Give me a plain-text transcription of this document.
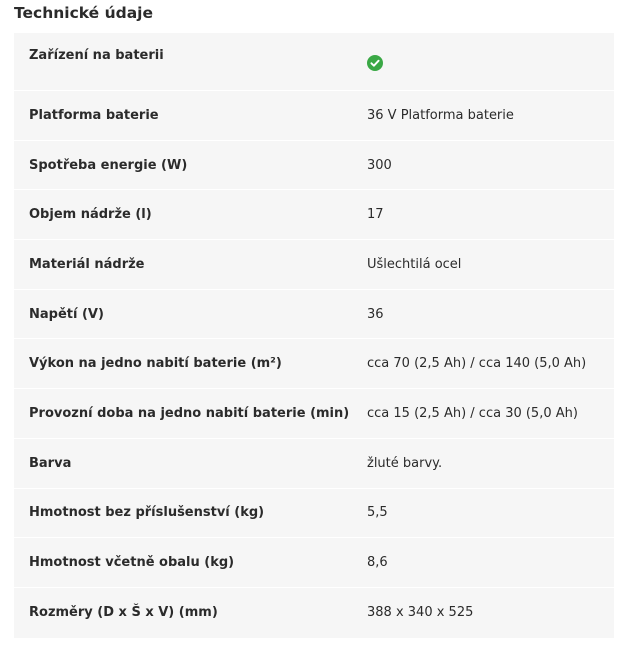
Technické údaje
Zařízení na baterii
Platforma baterie	36 V Platforma baterie
Spotřeba energie (W)	300
Objem nádrže (l)	17
Materiál nádrže	Ušlechtilá ocel
Napětí (V)	36
Výkon na jedno nabití baterie (m²)	cca 70 (2,5 Ah) / cca 140 (5,0 Ah)
Provozní doba na jedno nabití baterie (min) cca 15 (2,5 Ah) / cca 30 (5,0 Ah)
Barva	žluté barvy.
Hmotnost bez příslušenství (kg)	5,5
Hmotnost včetně obalu (kg)	8,6
Rozměry (D x Š x V) (mm)	388 x 340 x 525
